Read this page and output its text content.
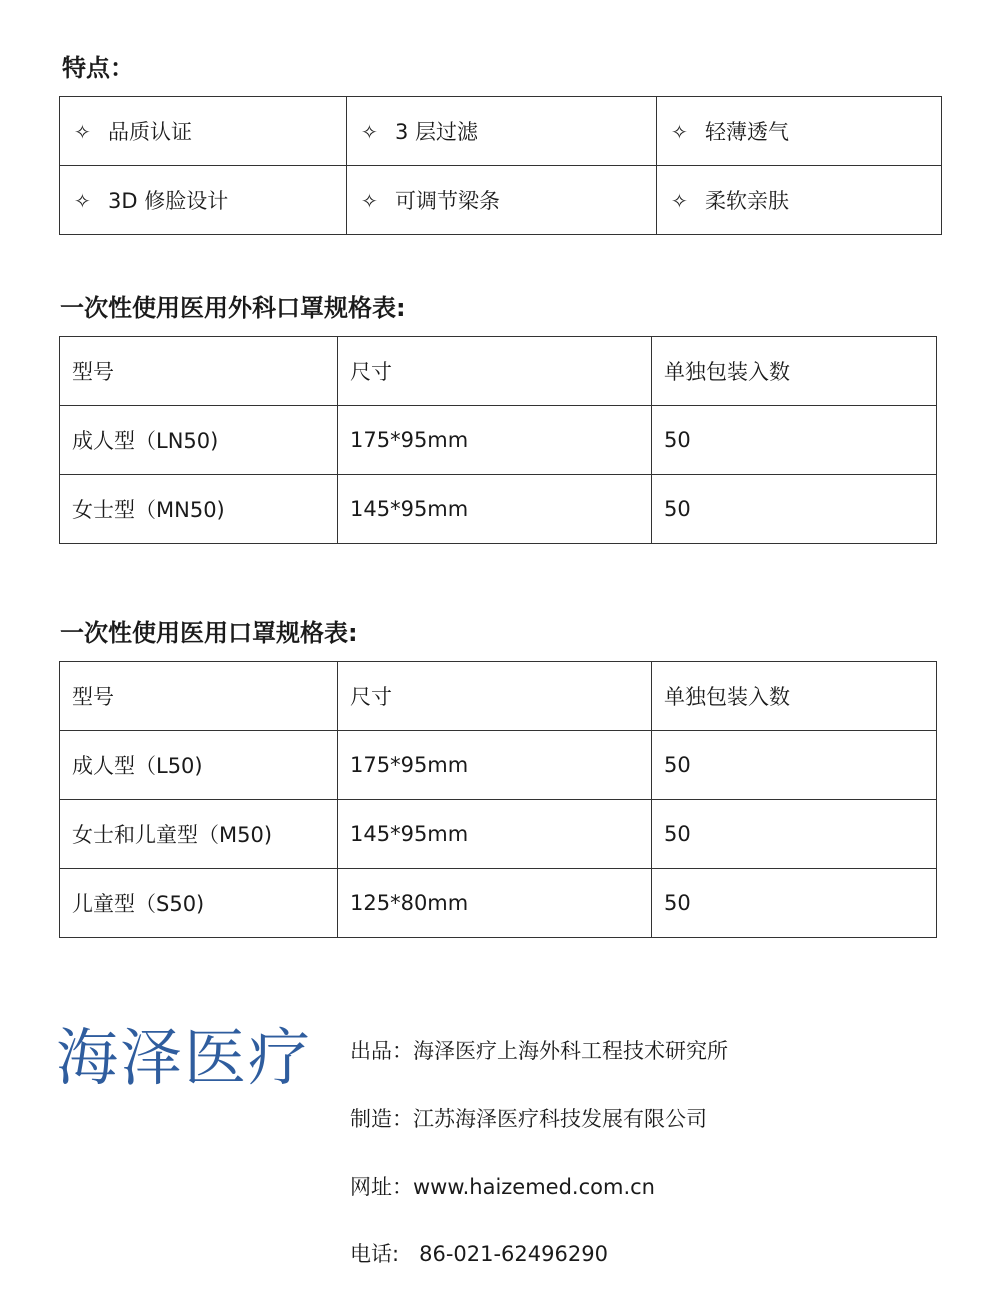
特点：
✧ 品质认证	✧ 3 层过滤	✧ 轻薄透气
✧ 3D 修脸设计	✧ 可调节梁条	✧ 柔软亲肤
一次性使用医用外科口罩规格表:
型号	尺寸	单独包装入数
成人型（LN50)	175*95mm	50
女士型（MN50)	145*95mm	50
一次性使用医用口罩规格表:
型号	尺寸	单独包装入数
成人型（L50)	175*95mm	50
女士和儿童型（M50)	145*95mm	50
儿童型（S50)	125*80mm	50
海泽医疗 出品：海泽医疗上海外科工程技术研究所
制造：江苏海泽医疗科技发展有限公司
网址：www.haizemed.com.cn
电话:   86-021-62496290
